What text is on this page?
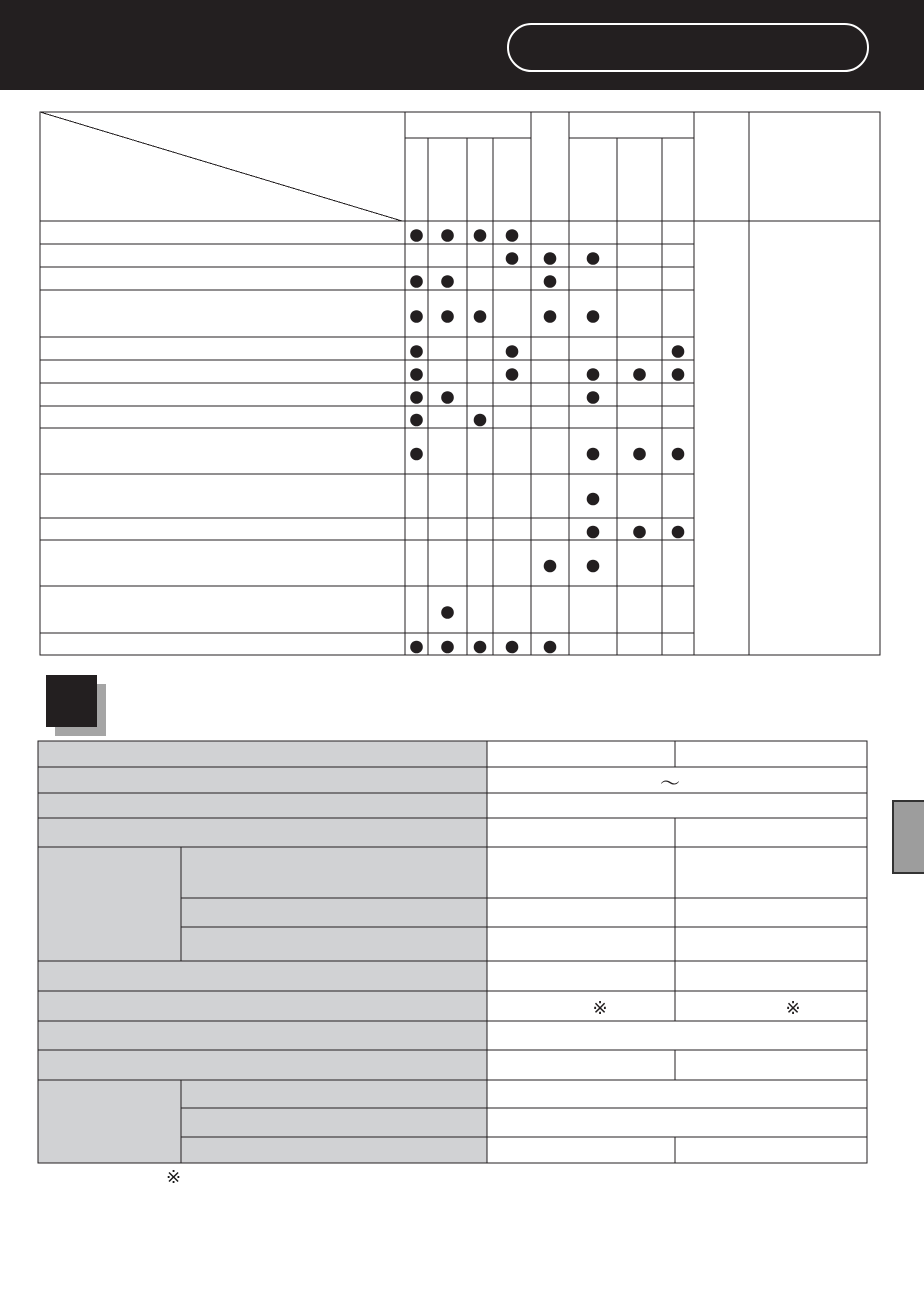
～
※	※
※
